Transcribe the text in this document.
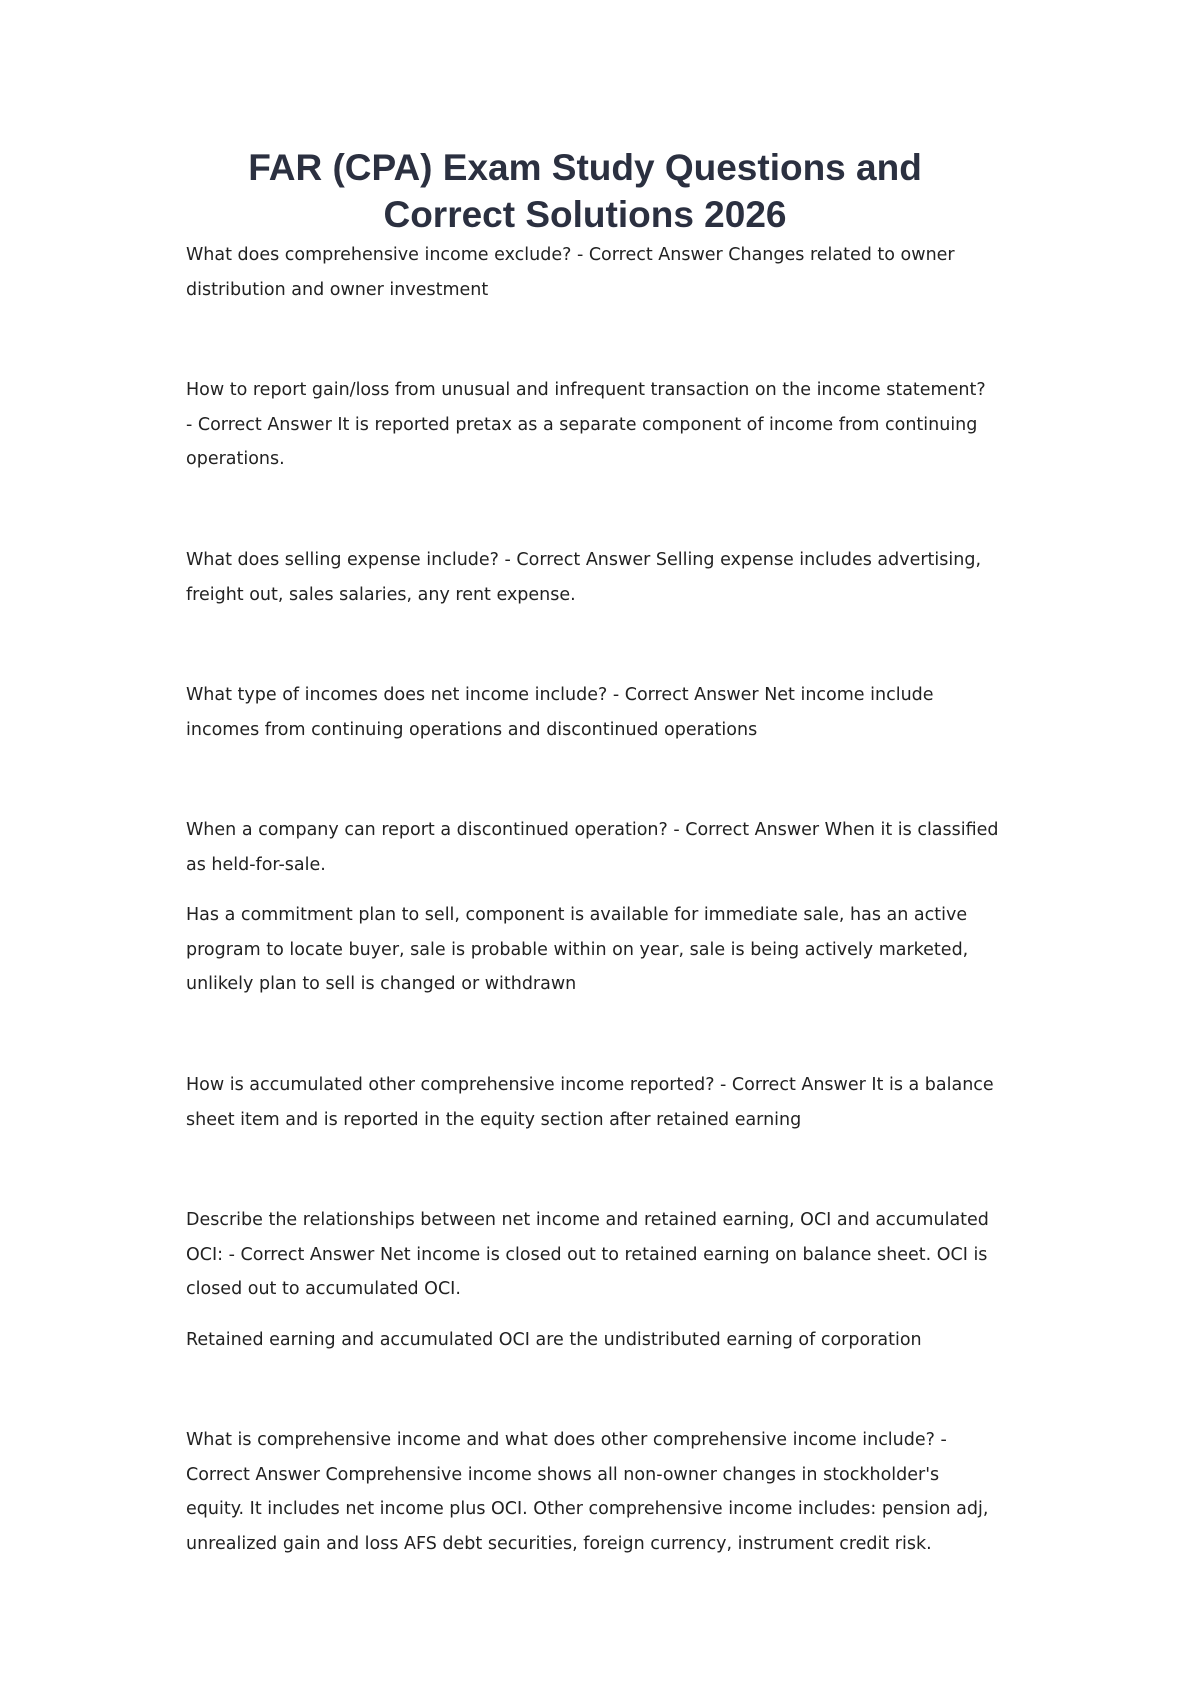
FAR (CPA) Exam Study Questions and
Correct Solutions 2026

What does comprehensive income exclude? - Correct Answer Changes related to owner
distribution and owner investment

How to report gain/loss from unusual and infrequent transaction on the income statement?
- Correct Answer It is reported pretax as a separate component of income from continuing
operations.

What does selling expense include? - Correct Answer Selling expense includes advertising,
freight out, sales salaries, any rent expense.

What type of incomes does net income include? - Correct Answer Net income include
incomes from continuing operations and discontinued operations

When a company can report a discontinued operation? - Correct Answer When it is classified
as held-for-sale.

Has a commitment plan to sell, component is available for immediate sale, has an active
program to locate buyer, sale is probable within on year, sale is being actively marketed,
unlikely plan to sell is changed or withdrawn

How is accumulated other comprehensive income reported? - Correct Answer It is a balance
sheet item and is reported in the equity section after retained earning

Describe the relationships between net income and retained earning, OCI and accumulated
OCI: - Correct Answer Net income is closed out to retained earning on balance sheet. OCI is
closed out to accumulated OCI.

Retained earning and accumulated OCI are the undistributed earning of corporation

What is comprehensive income and what does other comprehensive income include? -
Correct Answer Comprehensive income shows all non-owner changes in stockholder's
equity. It includes net income plus OCI. Other comprehensive income includes: pension adj,
unrealized gain and loss AFS debt securities, foreign currency, instrument credit risk.
